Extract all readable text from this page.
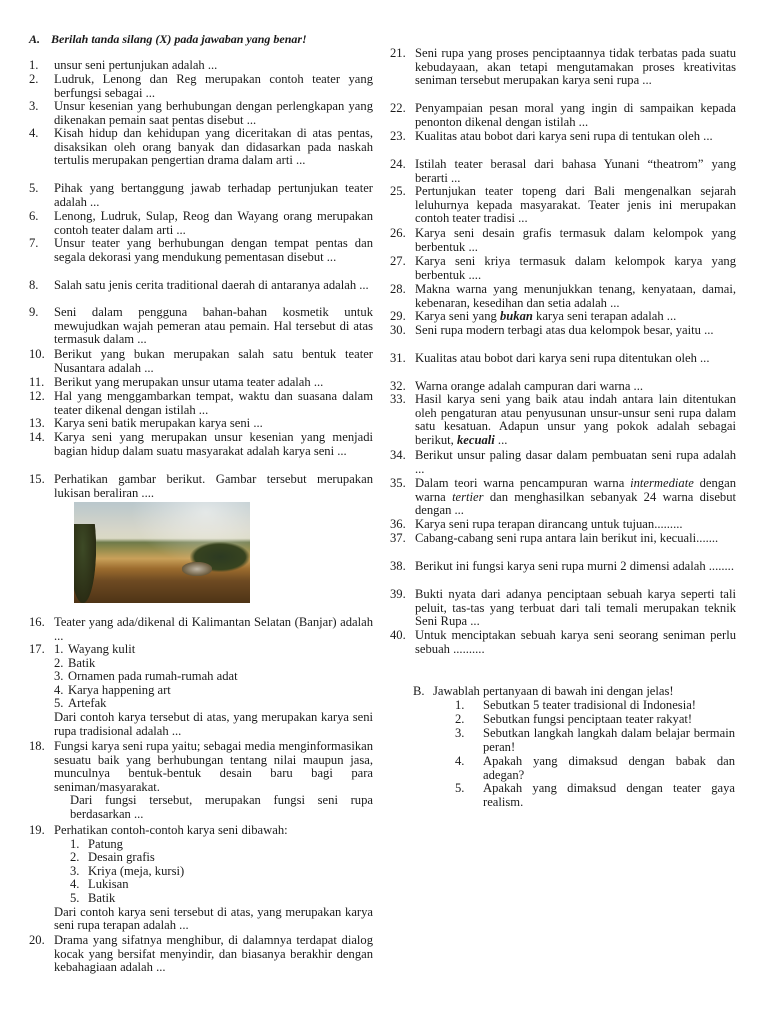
A. Berilah tanda silang (X) pada jawaban yang benar!
1.	unsur seni pertunjukan adalah ...
2.	Ludruk, Lenong dan Reg merupakan contoh teater yang berfungsi sebagai ...
3.	Unsur kesenian yang berhubungan dengan perlengkapan yang dikenakan pemain saat pentas disebut ...
4.	Kisah hidup dan kehidupan yang diceritakan di atas pentas, disaksikan oleh orang banyak dan didasarkan pada naskah tertulis merupakan pengertian drama dalam arti ...
5.	Pihak yang bertanggung jawab terhadap pertunjukan teater adalah ...
6.	Lenong, Ludruk, Sulap, Reog dan Wayang orang merupakan contoh teater dalam arti ...
7.	Unsur teater yang berhubungan dengan tempat pentas dan segala dekorasi yang mendukung pementasan disebut ...
8.	Salah satu jenis cerita traditional daerah di antaranya adalah ...
9.	Seni dalam pengguna bahan-bahan kosmetik untuk mewujudkan wajah pemeran atau pemain. Hal tersebut di atas termasuk dalam ...
10. Berikut yang bukan merupakan salah satu bentuk teater Nusantara adalah ...
11. Berikut yang merupakan unsur utama teater adalah ...
12. Hal yang menggambarkan tempat, waktu dan suasana dalam teater dikenal dengan istilah ...
13. Karya seni batik merupakan karya seni ...
14. Karya seni yang merupakan unsur kesenian yang menjadi bagian hidup dalam suatu masyarakat adalah karya seni ...
15. Perhatikan gambar berikut. Gambar tersebut merupakan lukisan beraliran ....
16. Teater yang ada/dikenal di Kalimantan Selatan (Banjar) adalah ...
17. 1. Wayang kulit
2. Batik
3. Ornamen pada rumah-rumah adat
4. Karya happening art
5. Artefak
Dari contoh karya tersebut di atas, yang merupakan karya seni rupa tradisional adalah ...
18. Fungsi karya seni rupa yaitu; sebagai media menginformasikan sesuatu baik yang berhubungan tentang nilai maupun jasa, munculnya bentuk-bentuk desain baru bagi para seniman/masyarakat.
Dari fungsi tersebut, merupakan fungsi seni rupa berdasarkan ...
19. Perhatikan contoh-contoh karya seni dibawah:
1. Patung
2. Desain grafis
3. Kriya (meja, kursi)
4. Lukisan
5. Batik
Dari contoh karya seni tersebut di atas, yang merupakan karya seni rupa terapan adalah ...
20. Drama yang sifatnya menghibur, di dalamnya terdapat dialog kocak yang bersifat menyindir, dan biasanya berakhir dengan kebahagiaan adalah ...
21. Seni rupa yang proses penciptaannya tidak terbatas pada suatu kebudayaan, akan tetapi mengutamakan proses kreativitas seniman tersebut merupakan karya seni rupa ...
22. Penyampaian pesan moral yang ingin di sampaikan kepada penonton dikenal dengan istilah ...
23. Kualitas atau bobot dari karya seni rupa di tentukan oleh ...
24. Istilah teater berasal dari bahasa Yunani “theatrom” yang berarti ...
25. Pertunjukan teater topeng dari Bali mengenalkan sejarah leluhurnya kepada masyarakat. Teater jenis ini merupakan contoh teater tradisi ...
26. Karya seni desain grafis termasuk dalam kelompok yang berbentuk ...
27. Karya seni kriya termasuk dalam kelompok karya yang berbentuk ....
28. Makna warna yang menunjukkan tenang, kenyataan, damai, kebenaran, kesedihan dan setia adalah ...
29. Karya seni yang bukan karya seni terapan adalah ...
30. Seni rupa modern terbagi atas dua kelompok besar, yaitu ...
31. Kualitas atau bobot dari karya seni rupa ditentukan oleh ...
32. Warna orange adalah campuran dari warna ...
33. Hasil karya seni yang baik atau indah antara lain ditentukan oleh pengaturan atau penyusunan unsur-unsur seni rupa dalam satu kesatuan. Adapun unsur yang pokok adalah sebagai berikut, kecuali ...
34. Berikut unsur paling dasar dalam pembuatan seni rupa adalah ...
35. Dalam teori warna pencampuran warna intermediate dengan warna tertier dan menghasilkan sebanyak 24 warna disebut dengan ...
36. Karya seni rupa terapan dirancang untuk tujuan.........
37. Cabang-cabang seni rupa antara lain berikut ini, kecuali.......
38. Berikut ini fungsi karya seni rupa murni 2 dimensi adalah ........
39. Bukti nyata dari adanya penciptaan sebuah karya seperti tali peluit, tas-tas yang terbuat dari tali temali merupakan teknik Seni Rupa ...
40. Untuk menciptakan sebuah karya seni seorang seniman perlu sebuah ..........
B. Jawablah pertanyaan di bawah ini dengan jelas!
1.	Sebutkan 5 teater tradisional di Indonesia!
2.	Sebutkan fungsi penciptaan teater rakyat!
3.	Sebutkan langkah langkah dalam belajar bermain peran!
4.	Apakah yang dimaksud dengan babak dan adegan?
5.	Apakah yang dimaksud dengan teater gaya realism.
